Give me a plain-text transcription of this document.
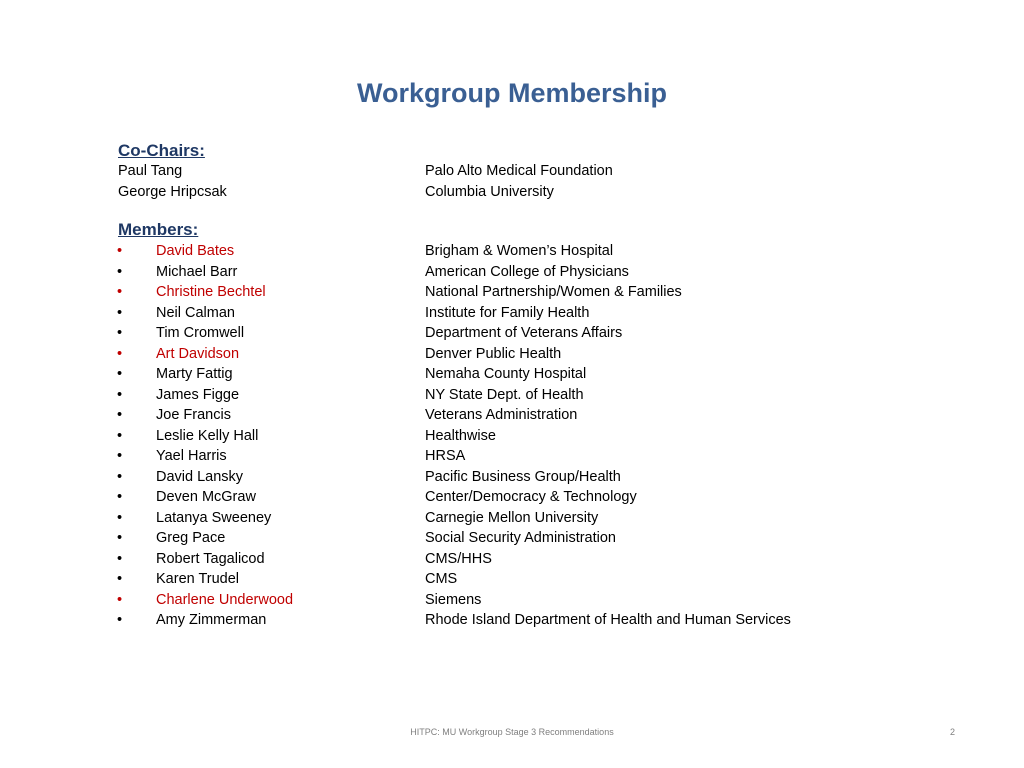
Workgroup Membership
Co-Chairs:
Paul Tang	Palo Alto Medical Foundation
George Hripcsak	Columbia University
Members:
• David Bates	Brigham & Women’s Hospital
• Michael Barr	American College of Physicians
• Christine Bechtel	National Partnership/Women & Families
• Neil Calman	Institute for Family Health
• Tim Cromwell	Department of Veterans Affairs
• Art Davidson	Denver Public Health
• Marty Fattig	Nemaha County Hospital
• James Figge	NY State Dept. of Health
• Joe Francis	Veterans Administration
• Leslie Kelly Hall	Healthwise
• Yael Harris	HRSA
• David Lansky	Pacific Business Group/Health
• Deven McGraw	Center/Democracy & Technology
• Latanya Sweeney	Carnegie Mellon University
• Greg Pace	Social Security Administration
• Robert Tagalicod	CMS/HHS
• Karen Trudel	CMS
• Charlene Underwood	Siemens
• Amy Zimmerman	Rhode Island Department of Health and Human Services
HITPC: MU Workgroup Stage 3 Recommendations	2
